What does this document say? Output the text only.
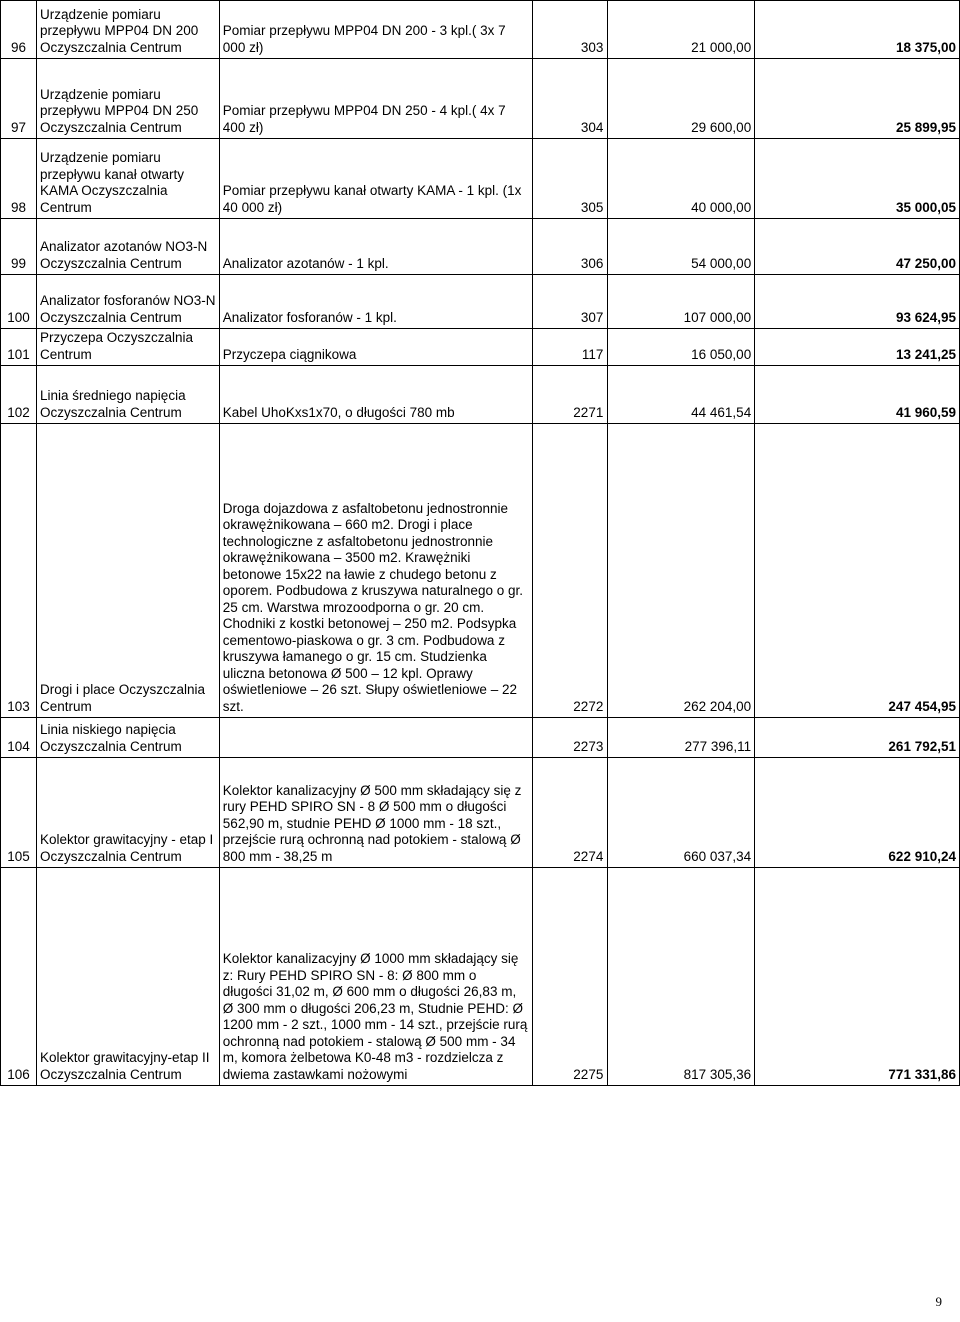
96	Urządzenie pomiaru przepływu MPP04 DN 200 Oczyszczalnia Centrum	Pomiar przepływu MPP04 DN 200 - 3 kpl.( 3x 7 000 zł)	303	21 000,00	18 375,00
97	Urządzenie pomiaru przepływu MPP04 DN 250 Oczyszczalnia Centrum	Pomiar przepływu MPP04 DN 250 - 4 kpl.( 4x 7 400 zł)	304	29 600,00	25 899,95
98	Urządzenie pomiaru przepływu kanał otwarty KAMA Oczyszczalnia Centrum	Pomiar przepływu kanał otwarty KAMA - 1 kpl. (1x 40 000 zł)	305	40 000,00	35 000,05
99	Analizator azotanów NO3-N Oczyszczalnia Centrum	Analizator azotanów - 1 kpl.	306	54 000,00	47 250,00
100	Analizator fosforanów NO3-N Oczyszczalnia Centrum	Analizator fosforanów - 1 kpl.	307	107 000,00	93 624,95
101	Przyczepa Oczyszczalnia Centrum	Przyczepa ciągnikowa	117	16 050,00	13 241,25
102	Linia średniego napięcia Oczyszczalnia Centrum	Kabel UhoKxs1x70, o długości 780 mb	2271	44 461,54	41 960,59
103	Drogi i place Oczyszczalnia Centrum	Droga dojazdowa z asfaltobetonu jednostronnie okrawężnikowana – 660 m2. Drogi i place technologiczne z asfaltobetonu jednostronnie okrawężnikowana – 3500 m2. Krawężniki betonowe 15x22 na ławie z chudego betonu z oporem. Podbudowa z kruszywa naturalnego o gr. 25 cm. Warstwa mrozoodporna o gr. 20 cm. Chodniki z kostki betonowej – 250 m2. Podsypka cementowo-piaskowa o gr. 3 cm. Podbudowa z kruszywa łamanego o gr. 15 cm. Studzienka uliczna betonowa Ø 500 – 12 kpl. Oprawy oświetleniowe – 26 szt. Słupy oświetleniowe – 22 szt.	2272	262 204,00	247 454,95
104	Linia niskiego napięcia Oczyszczalnia Centrum		2273	277 396,11	261 792,51
105	Kolektor grawitacyjny - etap I Oczyszczalnia Centrum	Kolektor kanalizacyjny Ø 500 mm składający się z rury PEHD SPIRO SN - 8 Ø 500 mm o długości 562,90 m, studnie PEHD Ø 1000 mm - 18 szt., przejście rurą ochronną nad potokiem - stalową Ø 800 mm - 38,25 m	2274	660 037,34	622 910,24
106	Kolektor grawitacyjny-etap II Oczyszczalnia Centrum	Kolektor kanalizacyjny Ø 1000 mm składający się z: Rury PEHD SPIRO SN - 8: Ø 800 mm o długości 31,02 m, Ø 600 mm o długości 26,83 m, Ø 300 mm o długości 206,23 m, Studnie PEHD: Ø 1200 mm - 2 szt., 1000 mm - 14 szt., przejście rurą ochronną nad potokiem - stalową Ø 500 mm - 34 m, komora żelbetowa K0-48 m3 - rozdzielcza z dwiema zastawkami nożowymi	2275	817 305,36	771 331,86
9
